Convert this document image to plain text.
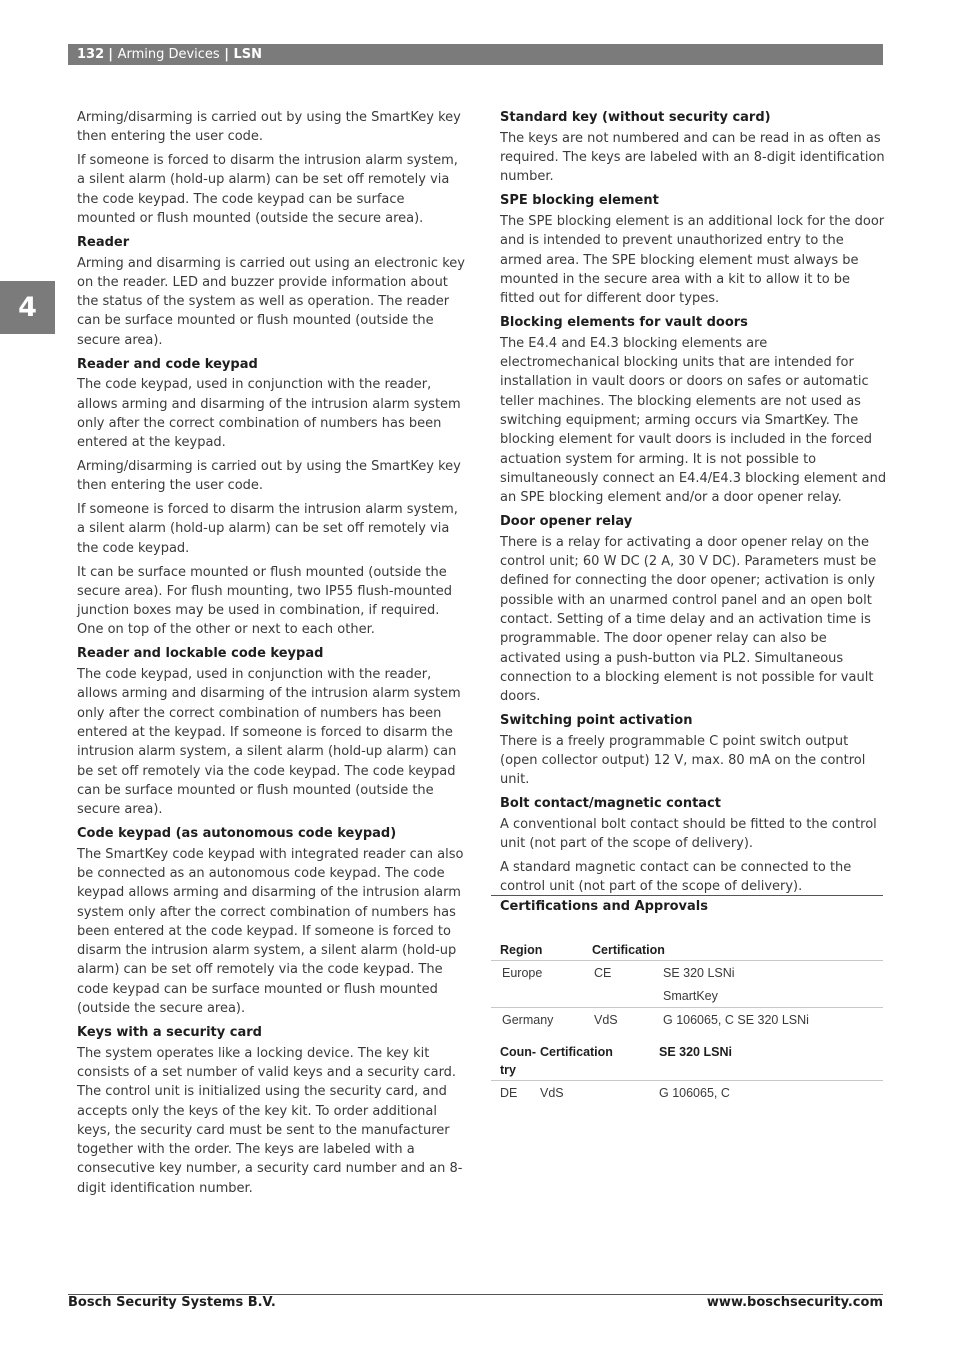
132 | Arming Devices | LSN
4

Arming/disarming is carried out by using the SmartKey key then entering the user code.

If someone is forced to disarm the intrusion alarm system, a silent alarm (hold-up alarm) can be set off remotely via the code keypad. The code keypad can be surface mounted or flush mounted (outside the secure area).

Reader

Arming and disarming is carried out using an electronic key on the reader. LED and buzzer provide information about the status of the system as well as operation. The reader can be surface mounted or flush mounted (outside the secure area).

Reader and code keypad

The code keypad, used in conjunction with the reader, allows arming and disarming of the intrusion alarm system only after the correct combination of numbers has been entered at the keypad.

Arming/disarming is carried out by using the SmartKey key then entering the user code.

If someone is forced to disarm the intrusion alarm system, a silent alarm (hold-up alarm) can be set off remotely via the code keypad.

It can be surface mounted or flush mounted (outside the secure area). For flush mounting, two IP55 flush-mounted junction boxes may be used in combination, if required. One on top of the other or next to each other.

Reader and lockable code keypad

The code keypad, used in conjunction with the reader, allows arming and disarming of the intrusion alarm system only after the correct combination of numbers has been entered at the keypad. If someone is forced to disarm the intrusion alarm system, a silent alarm (hold-up alarm) can be set off remotely via the code keypad. The code keypad can be surface mounted or flush mounted (outside the secure area).

Code keypad (as autonomous code keypad)

The SmartKey code keypad with integrated reader can also be connected as an autonomous code keypad. The code keypad allows arming and disarming of the intrusion alarm system only after the correct combination of numbers has been entered at the code keypad. If someone is forced to disarm the intrusion alarm system, a silent alarm (hold-up alarm) can be set off remotely via the code keypad. The code keypad can be surface mounted or flush mounted (outside the secure area).

Keys with a security card

The system operates like a locking device. The key kit consists of a set number of valid keys and a security card. The control unit is initialized using the security card, and accepts only the keys of the key kit. To order additional keys, the security card must be sent to the manufacturer together with the order. The keys are labeled with a consecutive key number, a security card number and an 8-digit identification number.

Standard key (without security card)

The keys are not numbered and can be read in as often as required. The keys are labeled with an 8-digit identification number.

SPE blocking element

The SPE blocking element is an additional lock for the door and is intended to prevent unauthorized entry to the armed area. The SPE blocking element must always be mounted in the secure area with a kit to allow it to be fitted out for different door types.

Blocking elements for vault doors

The E4.4 and E4.3 blocking elements are electromechanical blocking units that are intended for installation in vault doors or doors on safes or automatic teller machines. The blocking elements are not used as switching equipment; arming occurs via SmartKey. The blocking element for vault doors is included in the forced actuation system for arming. It is not possible to simultaneously connect an E4.4/E4.3 blocking element and an SPE blocking element and/or a door opener relay.

Door opener relay

There is a relay for activating a door opener relay on the control unit; 60 W DC (2 A, 30 V DC). Parameters must be defined for connecting the door opener; activation is only possible with an unarmed control panel and an open bolt contact. Setting of a time delay and an activation time is programmable. The door opener relay can also be activated using a push-button via PL2. Simultaneous connection to a blocking element is not possible for vault doors.

Switching point activation

There is a freely programmable C point switch output (open collector output) 12 V, max. 80 mA on the control unit.

Bolt contact/magnetic contact

A conventional bolt contact should be fitted to the control unit (not part of the scope of delivery).

A standard magnetic contact can be connected to the control unit (not part of the scope of delivery).

Certifications and Approvals
Region	Certification
Europe	CE	SE 320 LSNi
SmartKey
Germany	VdS	G 106065, C SE 320 LSNi
Coun-
try
Certification	SE 320 LSNi
DE VdS	G 106065, C
Bosch Security Systems B.V.	www.boschsecurity.com
